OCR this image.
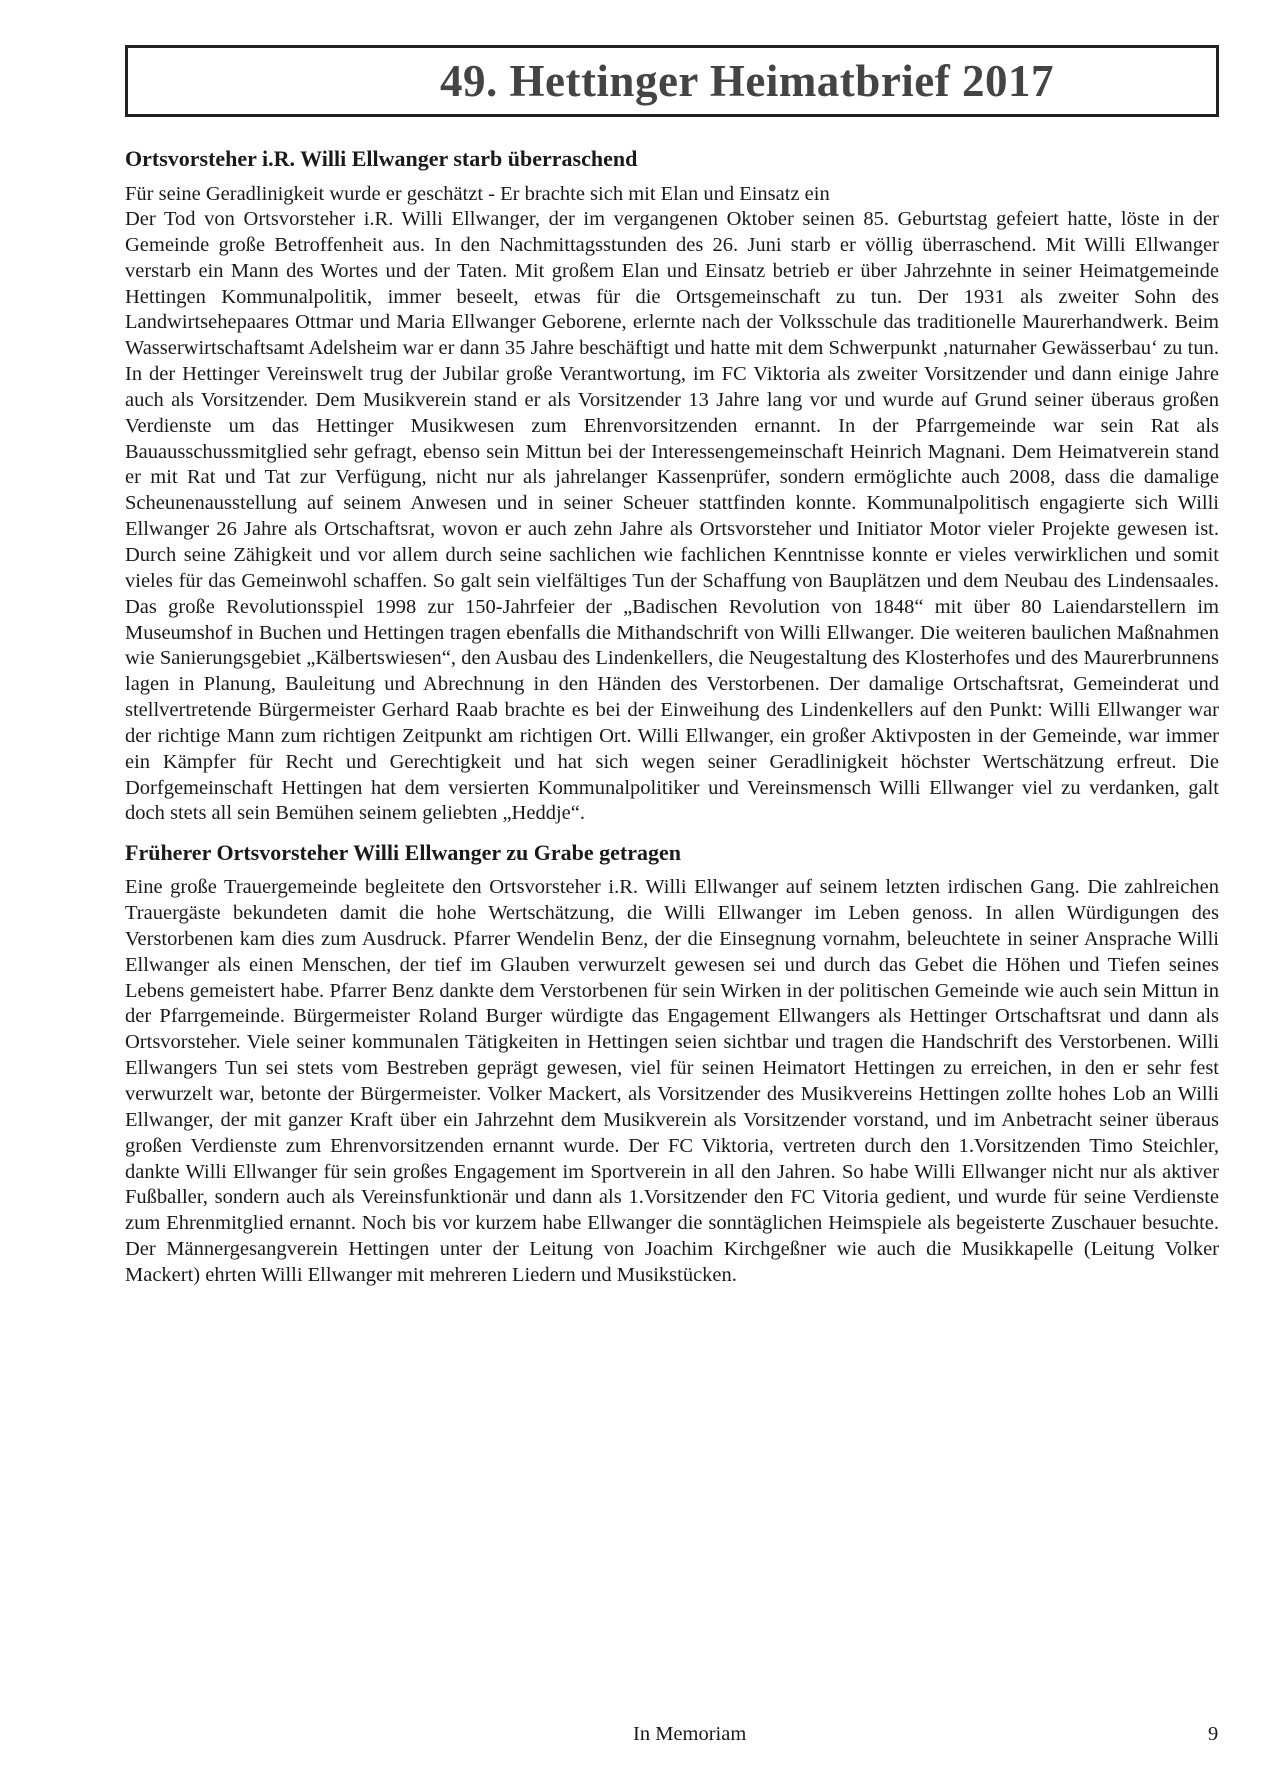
49. Hettinger Heimatbrief 2017
Ortsvorsteher i.R. Willi Ellwanger starb überraschend

Für seine Geradlinigkeit wurde er geschätzt - Er brachte sich mit Elan und Einsatz ein

Der Tod von Ortsvorsteher i.R. Willi Ellwanger, der im vergangenen Oktober seinen 85. Geburtstag gefeiert hatte, löste in der Gemeinde große Betroffenheit aus. In den Nachmittagsstunden des 26. Juni starb er völlig überraschend. Mit Willi Ellwanger verstarb ein Mann des Wortes und der Taten. Mit großem Elan und Einsatz betrieb er über Jahrzehnte in seiner Heimatgemeinde Hettingen Kommunalpolitik, immer beseelt, etwas für die Ortsgemeinschaft zu tun. Der 1931 als zweiter Sohn des Landwirtsehepaares Ottmar und Maria Ellwanger Geborene, erlernte nach der Volksschule das traditionelle Maurerhandwerk. Beim Wasserwirtschaftsamt Adelsheim war er dann 35 Jahre beschäftigt und hatte mit dem Schwerpunkt ‚naturnaher Gewässerbau‘ zu tun. In der Hettinger Vereinswelt trug der Jubilar große Verantwortung, im FC Viktoria als zweiter Vorsitzender und dann einige Jahre auch als Vorsitzender. Dem Musikverein stand er als Vorsitzender 13 Jahre lang vor und wurde auf Grund seiner überaus großen Verdienste um das Hettinger Musikwesen zum Ehrenvorsitzenden ernannt. In der Pfarrgemeinde war sein Rat als Bauausschussmitglied sehr gefragt, ebenso sein Mittun bei der Interessengemeinschaft Heinrich Magnani. Dem Heimatverein stand er mit Rat und Tat zur Verfügung, nicht nur als jahrelanger Kassenprüfer, sondern ermöglichte auch 2008, dass die damalige Scheunenausstellung auf seinem Anwesen und in seiner Scheuer stattfinden konnte. Kommunalpolitisch engagierte sich Willi Ellwanger 26 Jahre als Ortschaftsrat, wovon er auch zehn Jahre als Ortsvorsteher und Initiator Motor vieler Projekte gewesen ist. Durch seine Zähigkeit und vor allem durch seine sachlichen wie fachlichen Kenntnisse konnte er vieles verwirklichen und somit vieles für das Gemeinwohl schaffen. So galt sein vielfältiges Tun der Schaffung von Bauplätzen und dem Neubau des Lindensaales. Das große Revolutionsspiel 1998 zur 150-Jahrfeier der „Badischen Revolution von 1848“ mit über 80 Laiendarstellern im Museumshof in Buchen und Hettingen tragen ebenfalls die Mithandschrift von Willi Ellwanger. Die weiteren baulichen Maßnahmen wie Sanierungsgebiet „Kälbertswiesen“, den Ausbau des Lindenkellers, die Neugestaltung des Klosterhofes und des Maurerbrunnens lagen in Planung, Bauleitung und Abrechnung in den Händen des Verstorbenen. Der damalige Ortschaftsrat, Gemeinderat und stellvertretende Bürgermeister Gerhard Raab brachte es bei der Einweihung des Lindenkellers auf den Punkt: Willi Ellwanger war der richtige Mann zum richtigen Zeitpunkt am richtigen Ort. Willi Ellwanger, ein großer Aktivposten in der Gemeinde, war immer ein Kämpfer für Recht und Gerechtigkeit und hat sich wegen seiner Geradlinigkeit höchster Wertschätzung erfreut. Die Dorfgemeinschaft Hettingen hat dem versierten Kommunalpolitiker und Vereinsmensch Willi Ellwanger viel zu verdanken, galt doch stets all sein Bemühen seinem geliebten „Heddje“.

Früherer Ortsvorsteher Willi Ellwanger zu Grabe getragen

Eine große Trauergemeinde begleitete den Ortsvorsteher i.R. Willi Ellwanger auf seinem letzten irdischen Gang. Die zahlreichen Trauergäste bekundeten damit die hohe Wertschätzung, die Willi Ellwanger im Leben genoss. In allen Würdigungen des Verstorbenen kam dies zum Ausdruck. Pfarrer Wendelin Benz, der die Einsegnung vornahm, beleuchtete in seiner Ansprache Willi Ellwanger als einen Menschen, der tief im Glauben verwurzelt gewesen sei und durch das Gebet die Höhen und Tiefen seines Lebens gemeistert habe. Pfarrer Benz dankte dem Verstorbenen für sein Wirken in der politischen Gemeinde wie auch sein Mittun in der Pfarrgemeinde. Bürgermeister Roland Burger würdigte das Engagement Ellwangers als Hettinger Ortschaftsrat und dann als Ortsvorsteher. Viele seiner kommunalen Tätigkeiten in Hettingen seien sichtbar und tragen die Handschrift des Verstorbenen. Willi Ellwangers Tun sei stets vom Bestreben geprägt gewesen, viel für seinen Heimatort Hettingen zu erreichen, in den er sehr fest verwurzelt war, betonte der Bürgermeister. Volker Mackert, als Vorsitzender des Musikvereins Hettingen zollte hohes Lob an Willi Ellwanger, der mit ganzer Kraft über ein Jahrzehnt dem Musikverein als Vorsitzender vorstand, und im Anbetracht seiner überaus großen Verdienste zum Ehrenvorsitzenden ernannt wurde. Der FC Viktoria, vertreten durch den 1.Vorsitzenden Timo Steichler, dankte Willi Ellwanger für sein großes Engagement im Sportverein in all den Jahren. So habe Willi Ellwanger nicht nur als aktiver Fußballer, sondern auch als Vereinsfunktionär und dann als 1.Vorsitzender den FC Vitoria gedient, und wurde für seine Verdienste zum Ehrenmitglied ernannt. Noch bis vor kurzem habe Ellwanger die sonntäglichen Heimspiele als begeisterte Zuschauer besuchte. Der Männergesangverein Hettingen unter der Leitung von Joachim Kirchgeßner wie auch die Musikkapelle (Leitung Volker Mackert) ehrten Willi Ellwanger mit mehreren Liedern und Musikstücken.

In Memoriam	9
